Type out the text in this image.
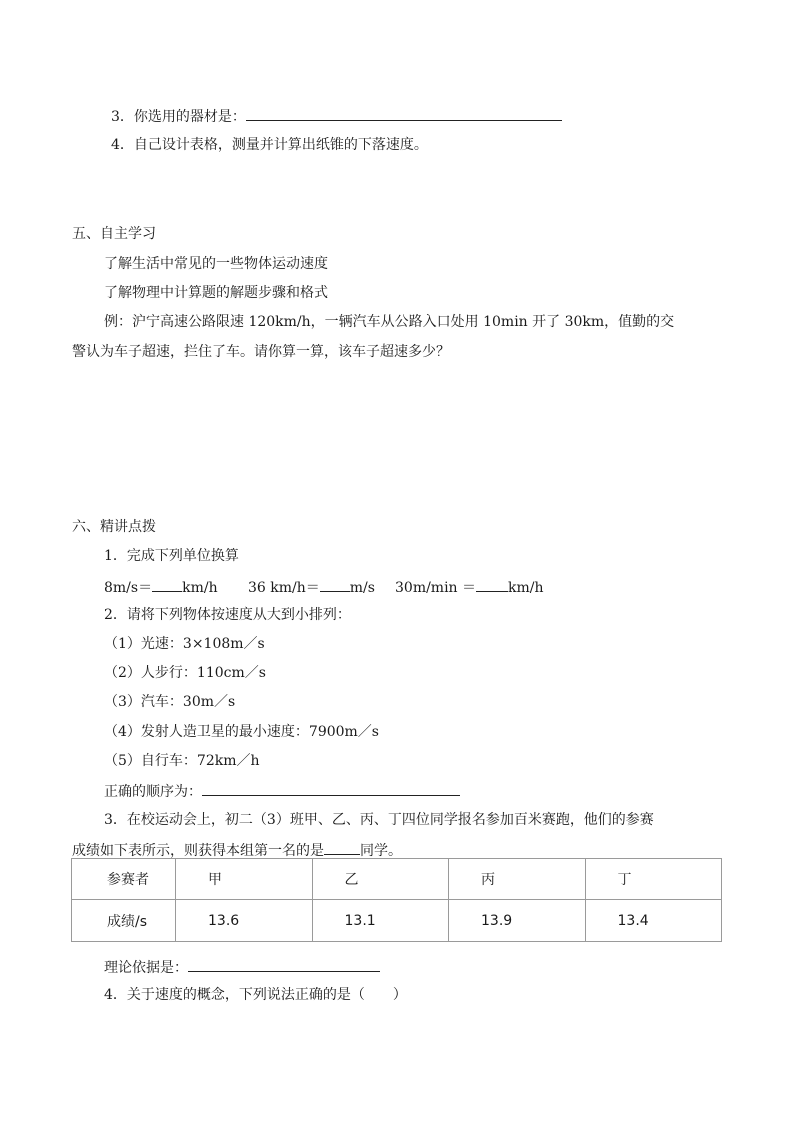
3．你选用的器材是：
4．自己设计表格，测量并计算出纸锥的下落速度。
五、自主学习
了解生活中常见的一些物体运动速度
了解物理中计算题的解题步骤和格式
例：沪宁高速公路限速 120km/h，一辆汽车从公路入口处用 10min 开了 30km，值勤的交
警认为车子超速，拦住了车。请你算一算，该车子超速多少？
六、精讲点拨
1．完成下列单位换算
8m/s＝ km/h 36 km/h＝ m/s 30m/min ＝ km/h
2．请将下列物体按速度从大到小排列：
（1）光速：3×108m／s
（2）人步行：110cm／s
（3）汽车：30m／s
（4）发射人造卫星的最小速度：7900m／s
（5）自行车：72km／h
正确的顺序为：
3．在校运动会上，初二（3）班甲、乙、丙、丁四位同学报名参加百米赛跑，他们的参赛
成绩如下表所示，则获得本组第一名的是	同学。
参赛者	甲	乙	丙	丁
成绩/s	13.6	13.1	13.9	13.4
理论依据是：
4．关于速度的概念，下列说法正确的是（　　）
